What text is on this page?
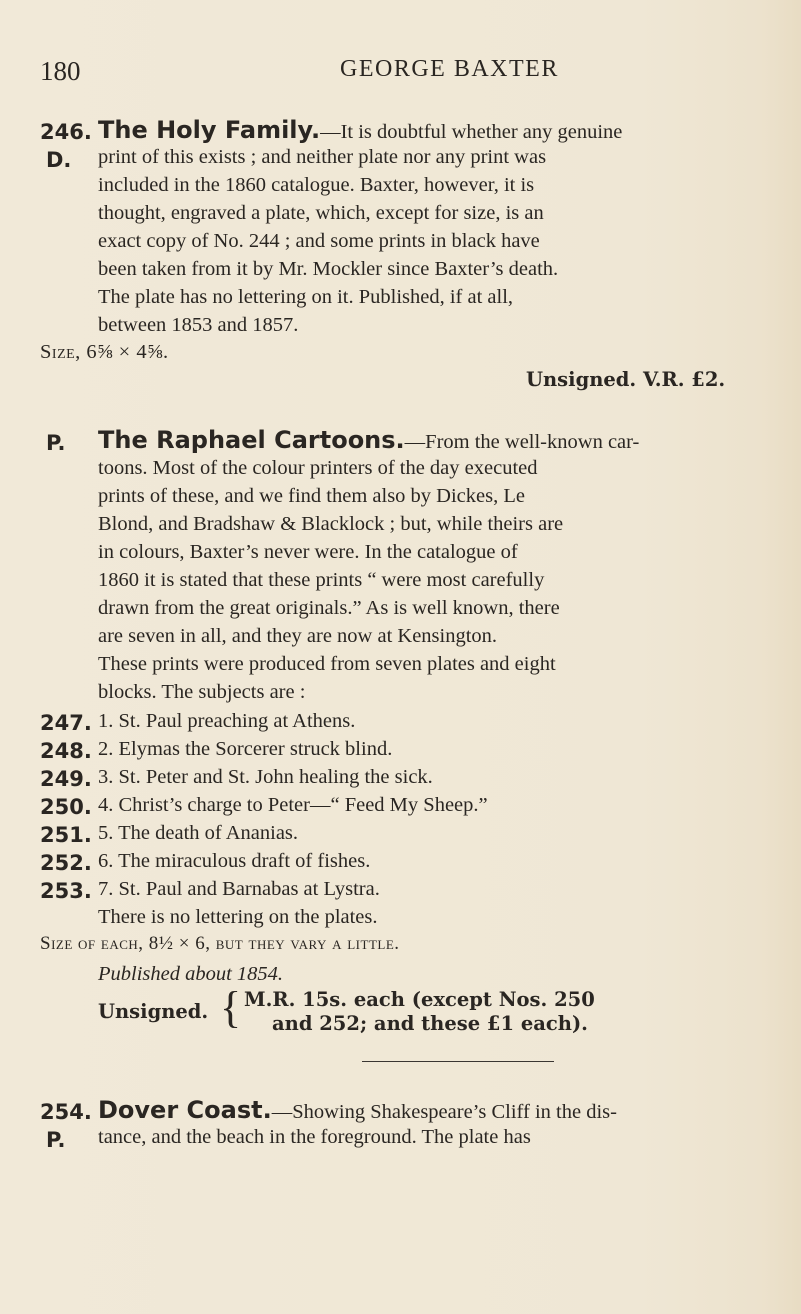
180	GEORGE BAXTER
246.
D.
The Holy Family.—It is doubtful whether any genuine
print of this exists ; and neither plate nor any print was
included in the 1860 catalogue. Baxter, however, it is
thought, engraved a plate, which, except for size, is an
exact copy of No. 244 ; and some prints in black have
been taken from it by Mr. Mockler since Baxter’s death.
The plate has no lettering on it. Published, if at all,
between 1853 and 1857.
Size, 6⅝ × 4⅝.
Unsigned. V.R. £2.
P. The Raphael Cartoons.—From the well-known car-
toons. Most of the colour printers of the day executed
prints of these, and we find them also by Dickes, Le
Blond, and Bradshaw & Blacklock ; but, while theirs are
in colours, Baxter’s never were. In the catalogue of
1860 it is stated that these prints “ were most carefully
drawn from the great originals.” As is well known, there
are seven in all, and they are now at Kensington.
These prints were produced from seven plates and eight
blocks. The subjects are :
247. 1. St. Paul preaching at Athens.
248. 2. Elymas the Sorcerer struck blind.
249. 3. St. Peter and St. John healing the sick.
250. 4. Christ’s charge to Peter—“ Feed My Sheep.”
251. 5. The death of Ananias.
252. 6. The miraculous draft of fishes.
253. 7. St. Paul and Barnabas at Lystra.
There is no lettering on the plates.
Size of each, 8½ × 6, but they vary a little.
Published about 1854.
Unsigned. { M.R. 15s. each (except Nos. 250
and 252; and these £1 each).
254.
P.
Dover Coast.—Showing Shakespeare’s Cliff in the dis-
tance, and the beach in the foreground. The plate has
